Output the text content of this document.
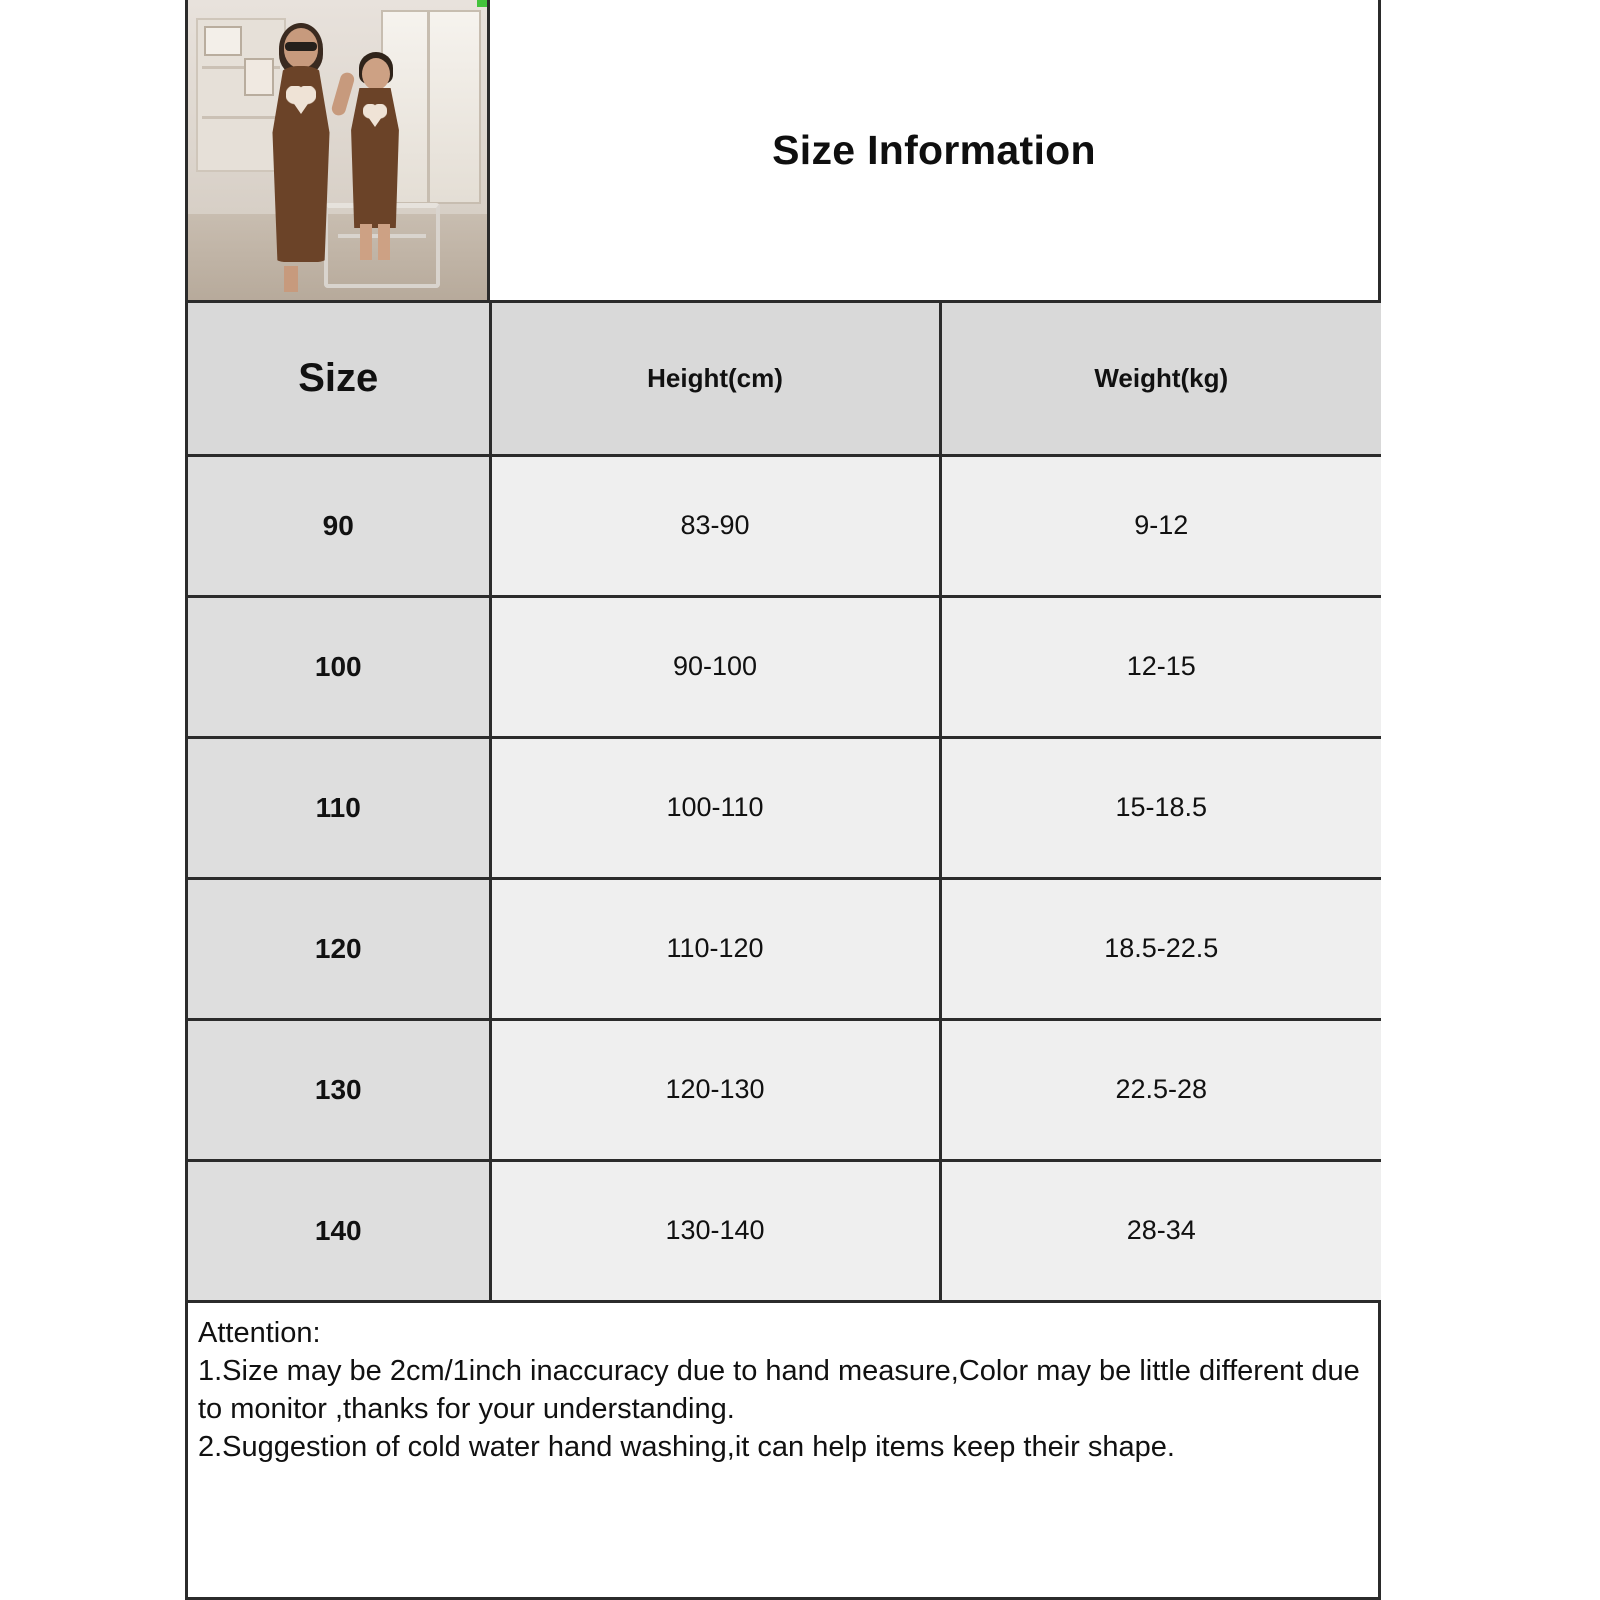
Size Information
Size	Height(cm)	Weight(kg)
90	83-90	9-12
100	90-100	12-15
110	100-110	15-18.5
120	110-120	18.5-22.5
130	120-130	22.5-28
140	130-140	28-34
Attention:
1.Size may be 2cm/1inch inaccuracy due to hand measure,Color may be little different due to monitor ,thanks for your understanding.
2.Suggestion of cold water hand washing,it can help items keep their shape.
